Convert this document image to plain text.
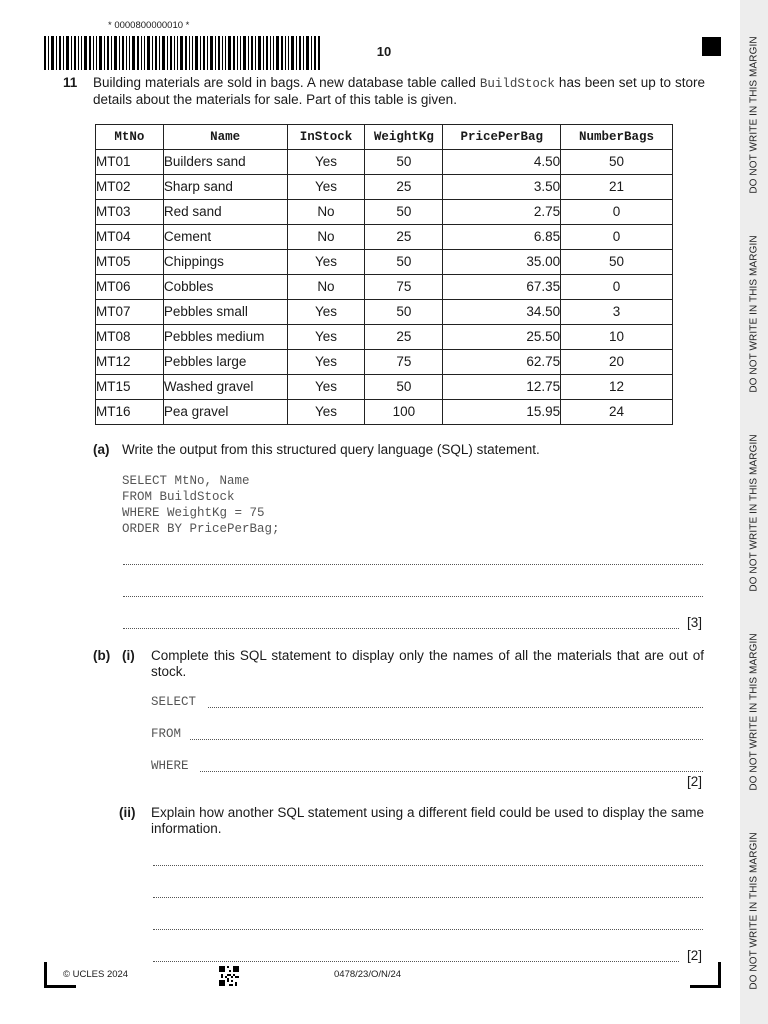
DO NOT WRITE IN THIS MARGIN
DO NOT WRITE IN THIS MARGIN
DO NOT WRITE IN THIS MARGIN
DO NOT WRITE IN THIS MARGIN
DO NOT WRITE IN THIS MARGIN
* 0000800000010 *
10
11 Building materials are sold in bags. A new database table called BuildStock has been set up to store details about the materials for sale. Part of this table is given.
MtNo	Name	InStock	WeightKg	PricePerBag	NumberBags
MT01	Builders sand	Yes	50	4.50	50
MT02	Sharp sand	Yes	25	3.50	21
MT03	Red sand	No	50	2.75	0
MT04	Cement	No	25	6.85	0
MT05	Chippings	Yes	50	35.00	50
MT06	Cobbles	No	75	67.35	0
MT07	Pebbles small	Yes	50	34.50	3
MT08	Pebbles medium	Yes	25	25.50	10
MT12	Pebbles large	Yes	75	62.75	20
MT15	Washed gravel	Yes	50	12.75	12
MT16	Pea gravel	Yes	100	15.95	24
(a) Write the output from this structured query language (SQL) statement.
SELECT MtNo, Name
FROM BuildStock
WHERE WeightKg = 75
ORDER BY PricePerBag;
[3]
(b) (i) Complete this SQL statement to display only the names of all the materials that are out of stock.
SELECT
FROM
WHERE
[2]
(ii) Explain how another SQL statement using a different field could be used to display the same information.
[2]
© UCLES 2024	0478/23/O/N/24
